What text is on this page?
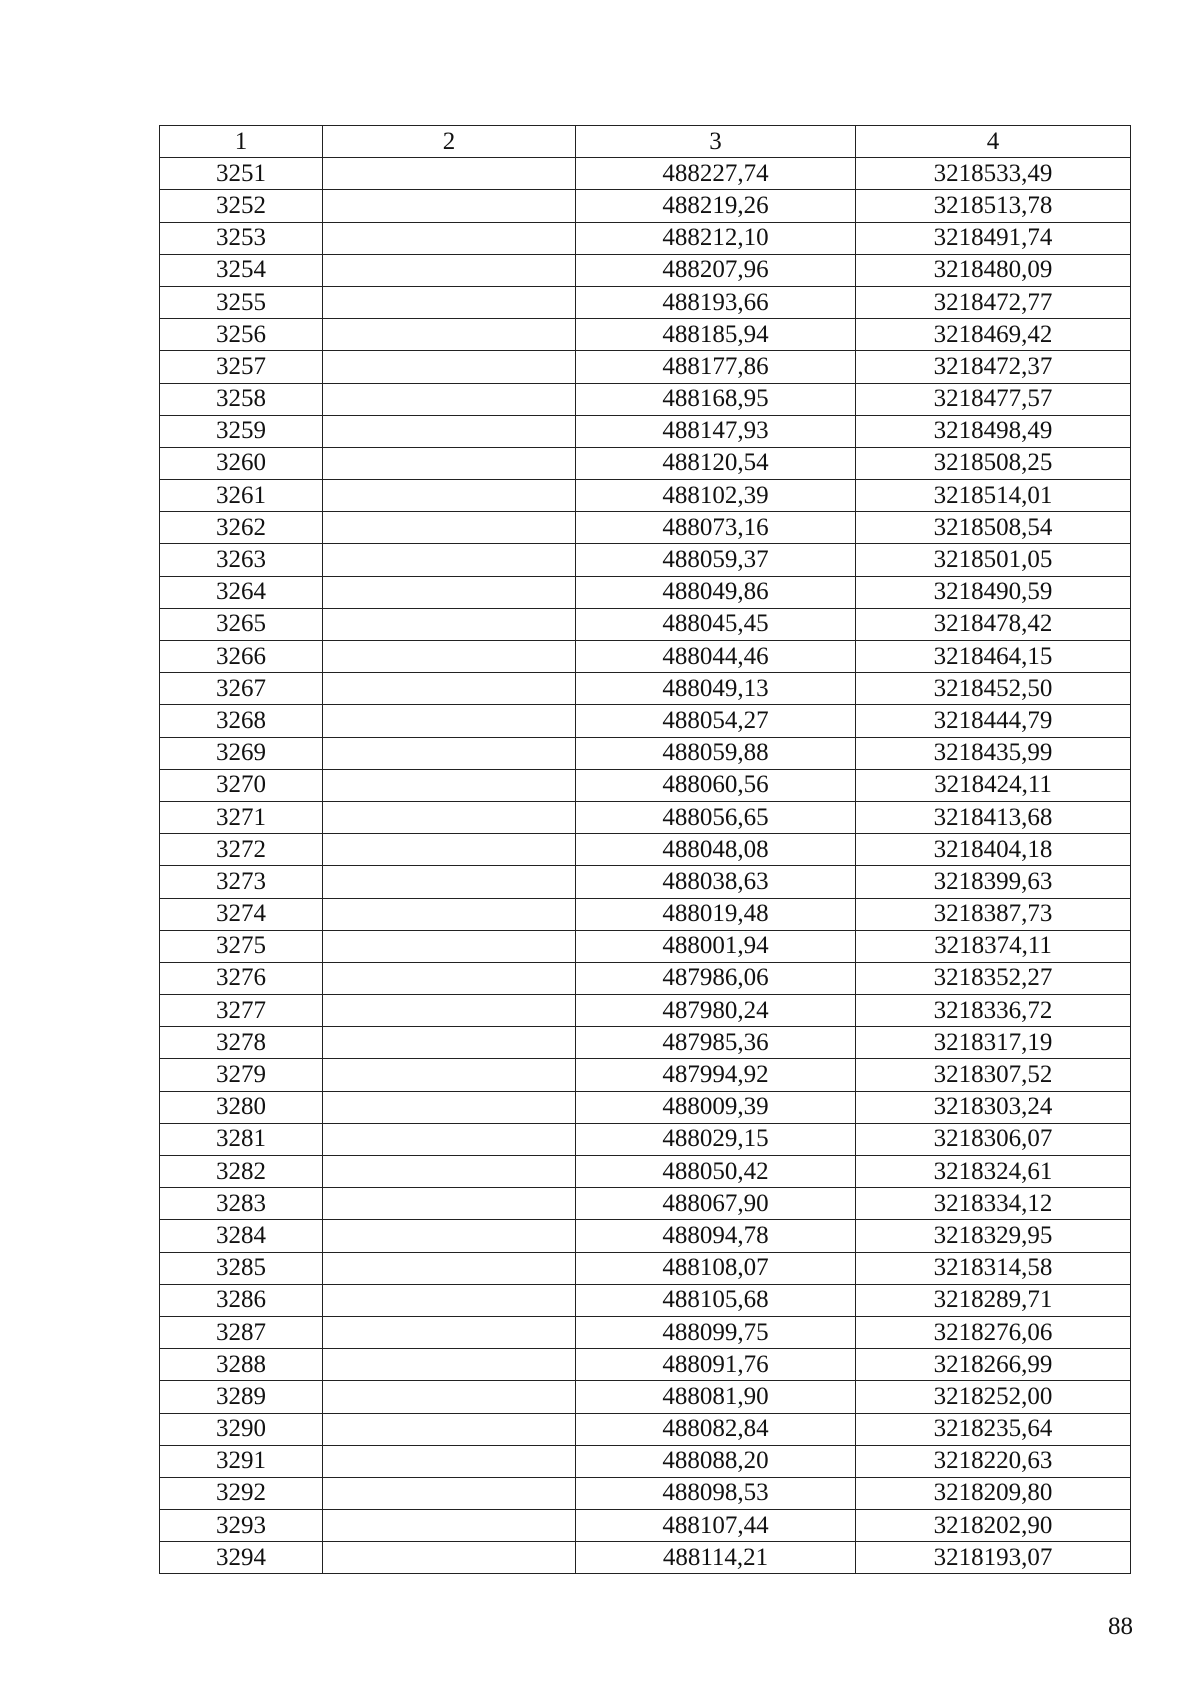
1	2	3	4
3251		488227,74	3218533,49
3252		488219,26	3218513,78
3253		488212,10	3218491,74
3254		488207,96	3218480,09
3255		488193,66	3218472,77
3256		488185,94	3218469,42
3257		488177,86	3218472,37
3258		488168,95	3218477,57
3259		488147,93	3218498,49
3260		488120,54	3218508,25
3261		488102,39	3218514,01
3262		488073,16	3218508,54
3263		488059,37	3218501,05
3264		488049,86	3218490,59
3265		488045,45	3218478,42
3266		488044,46	3218464,15
3267		488049,13	3218452,50
3268		488054,27	3218444,79
3269		488059,88	3218435,99
3270		488060,56	3218424,11
3271		488056,65	3218413,68
3272		488048,08	3218404,18
3273		488038,63	3218399,63
3274		488019,48	3218387,73
3275		488001,94	3218374,11
3276		487986,06	3218352,27
3277		487980,24	3218336,72
3278		487985,36	3218317,19
3279		487994,92	3218307,52
3280		488009,39	3218303,24
3281		488029,15	3218306,07
3282		488050,42	3218324,61
3283		488067,90	3218334,12
3284		488094,78	3218329,95
3285		488108,07	3218314,58
3286		488105,68	3218289,71
3287		488099,75	3218276,06
3288		488091,76	3218266,99
3289		488081,90	3218252,00
3290		488082,84	3218235,64
3291		488088,20	3218220,63
3292		488098,53	3218209,80
3293		488107,44	3218202,90
3294		488114,21	3218193,07
88
